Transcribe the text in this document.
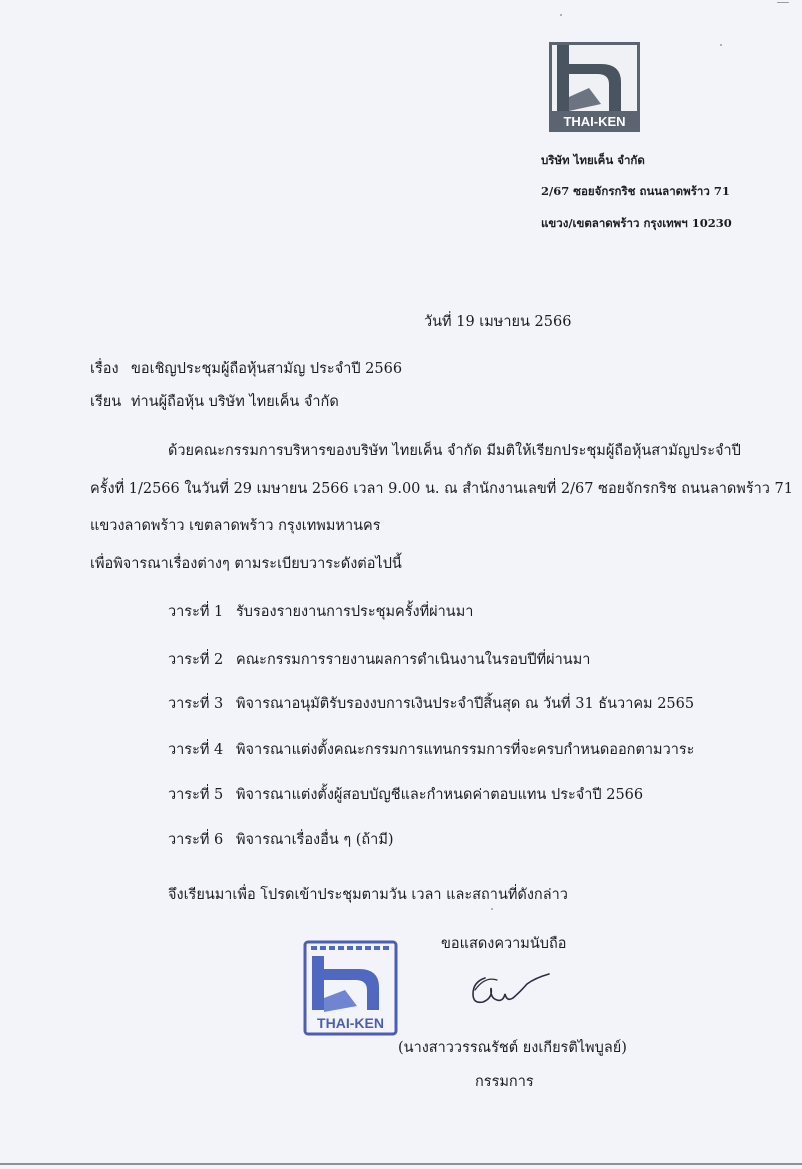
THAI-KEN
บริษัท ไทยเค็น จำกัด
2/67 ซอยจักรกริช ถนนลาดพร้าว 71
แขวง/เขตลาดพร้าว กรุงเทพฯ 10230
วันที่ 19 เมษายน 2566
เรื่อง ขอเชิญประชุมผู้ถือหุ้นสามัญ ประจำปี 2566
เรียน ท่านผู้ถือหุ้น บริษัท ไทยเค็น จำกัด
ด้วยคณะกรรมการบริหารของบริษัท ไทยเค็น จำกัด มีมติให้เรียกประชุมผู้ถือหุ้นสามัญประจำปี
ครั้งที่ 1/2566 ในวันที่ 29 เมษายน 2566 เวลา 9.00 น. ณ สำนักงานเลขที่ 2/67 ซอยจักรกริช ถนนลาดพร้าว 71
แขวงลาดพร้าว เขตลาดพร้าว กรุงเทพมหานคร
เพื่อพิจารณาเรื่องต่างๆ ตามระเบียบวาระดังต่อไปนี้
วาระที่ 1 รับรองรายงานการประชุมครั้งที่ผ่านมา
วาระที่ 2 คณะกรรมการรายงานผลการดำเนินงานในรอบปีที่ผ่านมา
วาระที่ 3 พิจารณาอนุมัติรับรองงบการเงินประจำปีสิ้นสุด ณ วันที่ 31 ธันวาคม 2565
วาระที่ 4 พิจารณาแต่งตั้งคณะกรรมการแทนกรรมการที่จะครบกำหนดออกตามวาระ
วาระที่ 5 พิจารณาแต่งตั้งผู้สอบบัญชีและกำหนดค่าตอบแทน ประจำปี 2566
วาระที่ 6 พิจารณาเรื่องอื่น ๆ (ถ้ามี)
จึงเรียนมาเพื่อ โปรดเข้าประชุมตามวัน เวลา และสถานที่ดังกล่าว
ขอแสดงความนับถือ
THAI-KEN
(นางสาววรรณรัชต์ ยงเกียรติไพบูลย์)
กรรมการ
